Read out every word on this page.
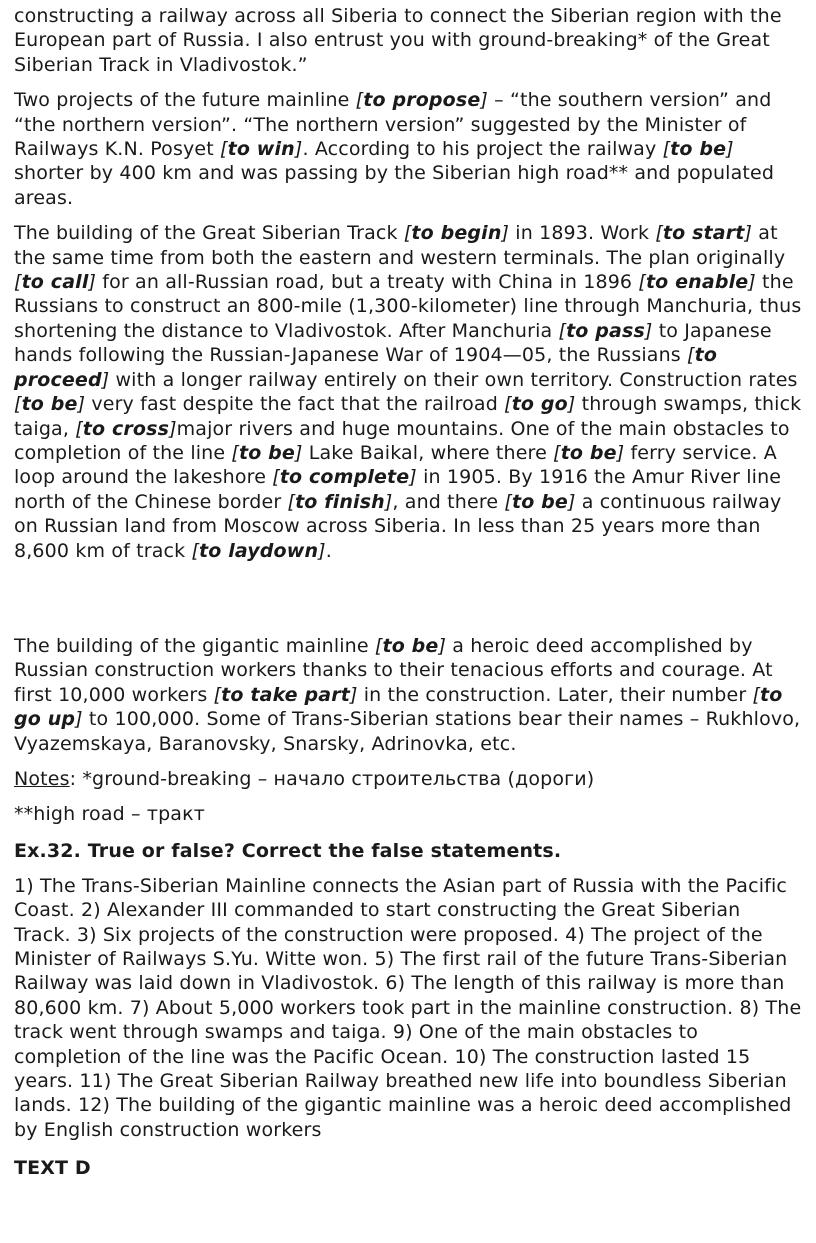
constructing a railway across all Siberia to connect the Siberian region with the European part of Russia. I also entrust you with ground-breaking* of the Great Siberian Track in Vladivostok.”

Two projects of the future mainline [to propose] – “the southern version” and “the northern version”. “The northern version” suggested by the Minister of Railways K.N. Posyet [to win]. According to his project the railway [to be] shorter by 400 km and was passing by the Siberian high road** and populated areas.

The building of the Great Siberian Track [to begin] in 1893. Work [to start] at the same time from both the eastern and western terminals. The plan originally [to call] for an all-Russian road, but a treaty with China in 1896 [to enable] the Russians to construct an 800-mile (1,300-kilometer) line through Manchuria, thus shortening the distance to Vladivostok. After Manchuria [to pass] to Japanese hands following the Russian-Japanese War of 1904—05, the Russians [to proceed] with a longer railway entirely on their own territory. Construction rates [to be] very fast despite the fact that the railroad [to go] through swamps, thick taiga, [to cross]major rivers and huge mountains. One of the main obstacles to completion of the line [to be] Lake Baikal, where there [to be] ferry service. A loop around the lakeshore [to complete] in 1905. By 1916 the Amur River line north of the Chinese border [to finish], and there [to be] a continuous railway on Russian land from Moscow across Siberia. In less than 25 years more than 8,600 km of track [to laydown].

The building of the gigantic mainline [to be] a heroic deed accomplished by Russian construction workers thanks to their tenacious efforts and courage. At first 10,000 workers [to take part] in the construction. Later, their number [to go up] to 100,000. Some of Trans-Siberian stations bear their names – Rukhlovo, Vyazemskaya, Baranovsky, Snarsky, Adrinovka, etc.

Notes: *ground-breaking – начало строительства (дороги)

**high road – тракт

Ex.32. True or false? Correct the false statements.

1) The Trans-Siberian Mainline connects the Asian part of Russia with the Pacific Coast. 2) Alexander III commanded to start constructing the Great Siberian Track. 3) Six projects of the construction were proposed. 4) The project of the Minister of Railways S.Yu. Witte won. 5) The first rail of the future Trans-Siberian Railway was laid down in Vladivostok. 6) The length of this railway is more than 80,600 km. 7) About 5,000 workers took part in the mainline construction. 8) The track went through swamps and taiga. 9) One of the main obstacles to completion of the line was the Pacific Ocean. 10) The construction lasted 15 years. 11) The Great Siberian Railway breathed new life into boundless Siberian lands. 12) The building of the gigantic mainline was a heroic deed accomplished by English construction workers

TEXT D
